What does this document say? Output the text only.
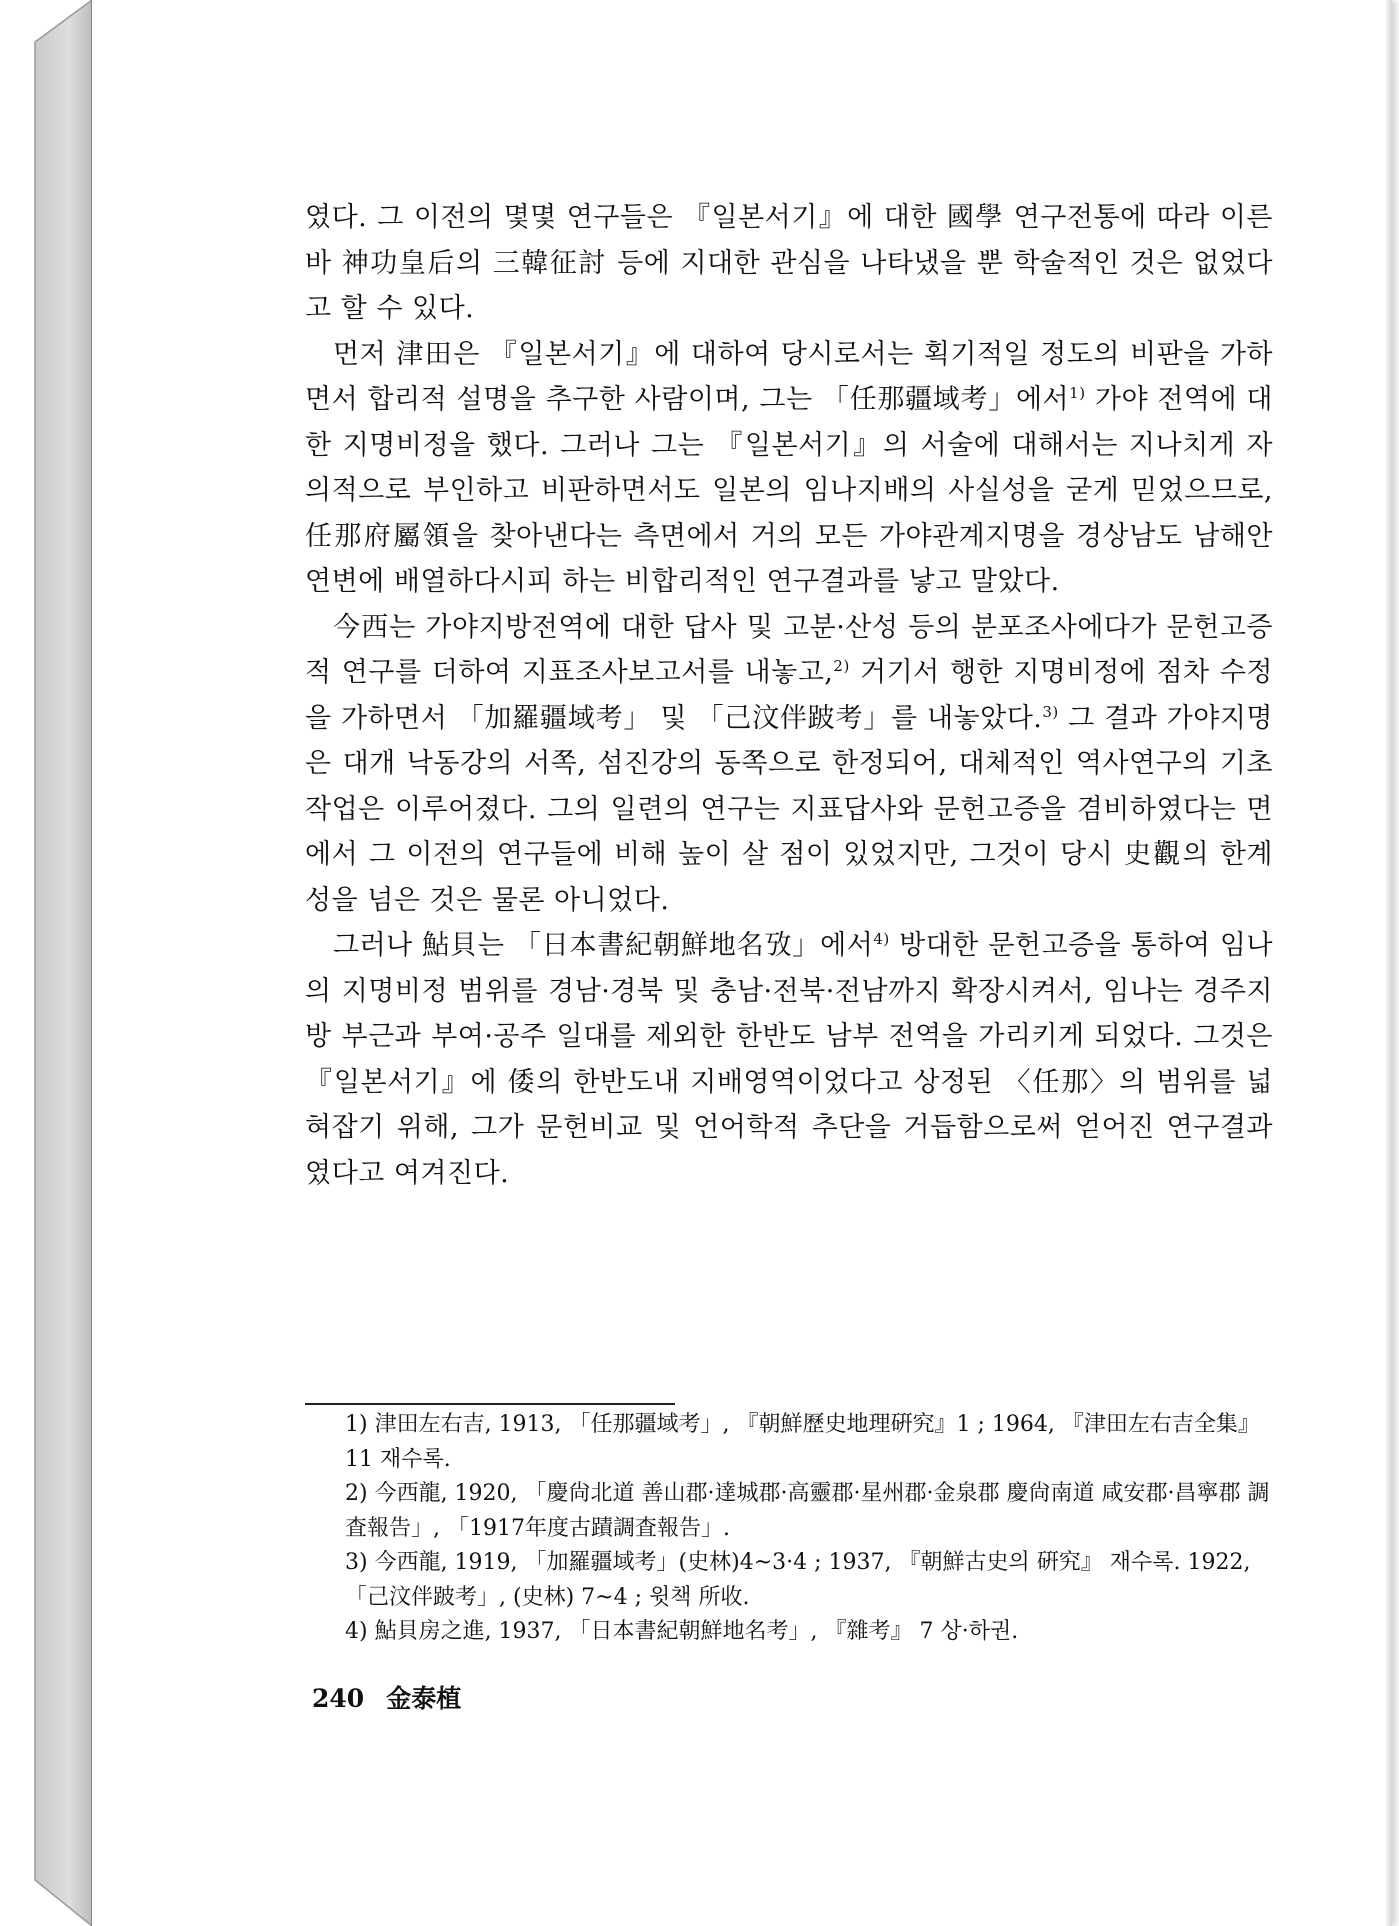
였다. 그 이전의 몇몇 연구들은 『일본서기』에 대한 國學 연구전통에 따라 이른바 神功皇后의 三韓征討 등에 지대한 관심을 나타냈을 뿐 학술적인 것은 없었다고 할 수 있다.

먼저 津田은 『일본서기』에 대하여 당시로서는 획기적일 정도의 비판을 가하면서 합리적 설명을 추구한 사람이며, 그는 「任那疆域考」에서$^{1)}$ 가야 전역에 대한 지명비정을 했다. 그러나 그는 『일본서기』의 서술에 대해서는 지나치게 자의적으로 부인하고 비판하면서도 일본의 임나지배의 사실성을 굳게 믿었으므로, 任那府屬領을 찾아낸다는 측면에서 거의 모든 가야관계지명을 경상남도 남해안 연변에 배열하다시피 하는 비합리적인 연구결과를 낳고 말았다.

今西는 가야지방전역에 대한 답사 및 고분·산성 등의 분포조사에다가 문헌고증적 연구를 더하여 지표조사보고서를 내놓고,$^{2)}$ 거기서 행한 지명비정에 점차 수정을 가하면서 「加羅疆域考」 및 「己汶伴跛考」를 내놓았다.$^{3)}$ 그 결과 가야지명은 대개 낙동강의 서쪽, 섬진강의 동쪽으로 한정되어, 대체적인 역사연구의 기초작업은 이루어졌다. 그의 일련의 연구는 지표답사와 문헌고증을 겸비하였다는 면에서 그 이전의 연구들에 비해 높이 살 점이 있었지만, 그것이 당시 史觀의 한계성을 넘은 것은 물론 아니었다.

그러나 鮎貝는 「日本書紀朝鮮地名攷」에서$^{4)}$ 방대한 문헌고증을 통하여 임나의 지명비정 범위를 경남·경북 및 충남·전북·전남까지 확장시켜서, 임나는 경주지방 부근과 부여·공주 일대를 제외한 한반도 남부 전역을 가리키게 되었다. 그것은 『일본서기』에 倭의 한반도내 지배영역이었다고 상정된 〈任那〉의 범위를 넓혀잡기 위해, 그가 문헌비교 및 언어학적 추단을 거듭함으로써 얻어진 연구결과였다고 여겨진다.

1) 津田左右吉, 1913, 「任那疆域考」, 『朝鮮歷史地理硏究』1 ; 1964, 『津田左右吉全集』11 재수록.

2) 今西龍, 1920, 「慶尙北道 善山郡·達城郡·高靈郡·星州郡·金泉郡 慶尙南道 咸安郡·昌寧郡 調査報告」, 「1917年度古蹟調査報告」.

3) 今西龍, 1919, 「加羅疆域考」(史林)4~3·4 ; 1937, 『朝鮮古史의 硏究』 재수록. 1922, 「己汶伴跛考」, (史林) 7~4 ; 윗책 所收.

4) 鮎貝房之進, 1937, 「日本書紀朝鮮地名考」, 『雜考』 7 상·하권.

240 金泰植
